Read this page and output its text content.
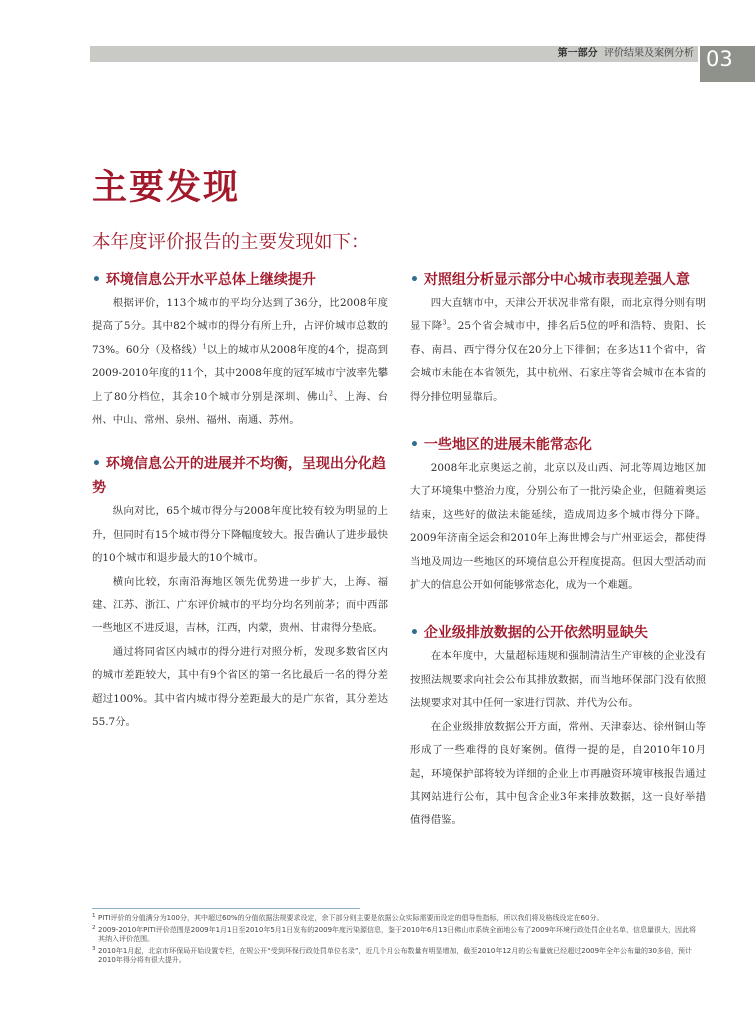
第一部分 评价结果及案例分析 03
主要发现
本年度评价报告的主要发现如下：
• 环境信息公开水平总体上继续提升

根据评价，113个城市的平均分达到了36分，比2008年度提高了5分。其中82个城市的得分有所上升，占评价城市总数的73%。60分（及格线）$^1$以上的城市从2008年度的4个，提高到2009-2010年度的11个，其中2008年度的冠军城市宁波率先攀上了80分档位，其余10个城市分别是深圳、佛山$^2$、上海、台州、中山、常州、泉州、福州、南通、苏州。

• 环境信息公开的进展并不均衡，呈现出分化趋势

纵向对比，65个城市得分与2008年度比较有较为明显的上升，但同时有15个城市得分下降幅度较大。报告确认了进步最快的10个城市和退步最大的10个城市。

横向比较，东南沿海地区领先优势进一步扩大，上海、福建、江苏、浙江、广东评价城市的平均分均名列前茅；而中西部一些地区不进反退，吉林，江西，内蒙，贵州、甘肃得分垫底。

通过将同省区内城市的得分进行对照分析，发现多数省区内的城市差距较大，其中有9个省区的第一名比最后一名的得分差超过100%。其中省内城市得分差距最大的是广东省，其分差达55.7分。

• 对照组分析显示部分中心城市表现差强人意

四大直辖市中，天津公开状况非常有限，而北京得分则有明显下降$^3$。25个省会城市中，排名后5位的呼和浩特、贵阳、长春、南昌、西宁得分仅在20分上下徘徊；在多达11个省中，省会城市未能在本省领先，其中杭州、石家庄等省会城市在本省的得分排位明显靠后。

• 一些地区的进展未能常态化

2008年北京奥运之前，北京以及山西、河北等周边地区加大了环境集中整治力度，分别公布了一批污染企业，但随着奥运结束，这些好的做法未能延续，造成周边多个城市得分下降。2009年济南全运会和2010年上海世博会与广州亚运会，都使得当地及周边一些地区的环境信息公开程度提高。但因大型活动而扩大的信息公开如何能够常态化，成为一个难题。

• 企业级排放数据的公开依然明显缺失

在本年度中，大量超标违规和强制清洁生产审核的企业没有按照法规要求向社会公布其排放数据，而当地环保部门没有依照法规要求对其中任何一家进行罚款、并代为公布。

在企业级排放数据公开方面，常州、天津泰达、徐州铜山等形成了一些难得的良好案例。值得一提的是，自2010年10月起，环境保护部将较为详细的企业上市再融资环境审核报告通过其网站进行公布，其中包含企业3年来排放数据，这一良好举措值得借鉴。

1 PITI评价的分值满分为100分，其中超过60%的分值依据法规要求设定，余下部分则主要是依据公众实际需要而设定的倡导性指标，所以我们将及格线设定在60分。

2 2009-2010年PITI评价范围是2009年1月1日至2010年5月1日发布的2009年度污染源信息，鉴于2010年6月13日佛山市系统全面地公布了2009年环境行政处罚企业名单，信息量很大，因此将其纳入评价范围。

3 2010年1月起，北京市环保局开始设置专栏，在规公开“受到环保行政处罚单位名录”，近几个月公布数量有明显增加，截至2010年12月的公布量就已经超过2009年全年公布量的30多倍，预计2010年得分将有很大提升。
